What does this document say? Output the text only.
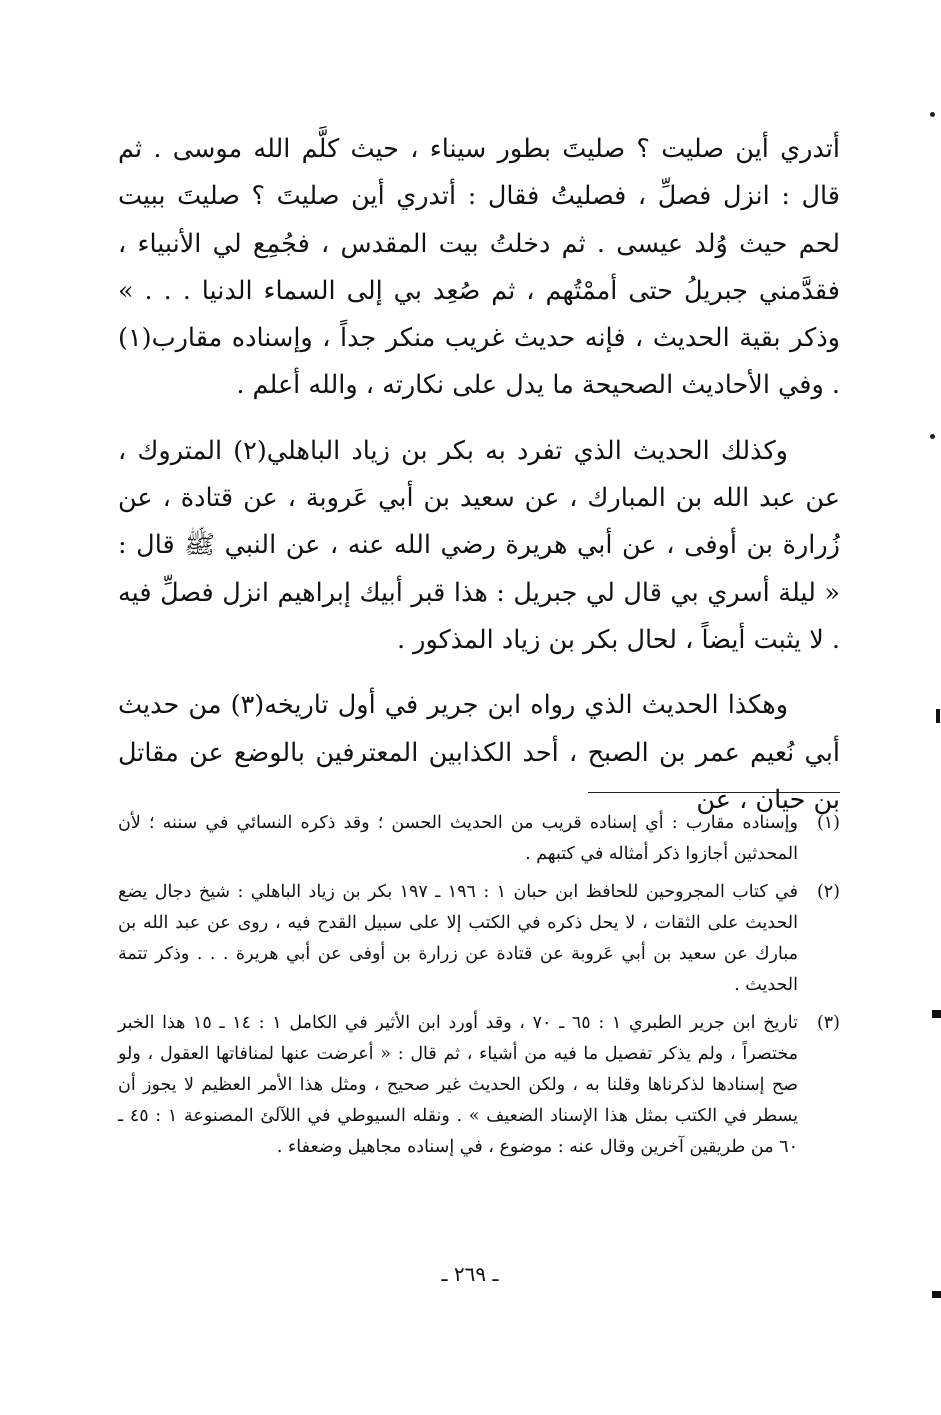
أتدري أين صليت ؟ صليتَ بطور سيناء ، حيث كلَّم الله موسى . ثم قال : انزل فصلِّ ، فصليتُ فقال : أتدري أين صليتَ ؟ صليتَ ببيت لحم حيث وُلد عيسى . ثم دخلتُ بيت المقدس ، فجُمِع لي الأنبياء ، فقدَّمني جبريلُ حتى أممْتُهم ، ثم صُعِد بي إلى السماء الدنيا . . . » وذكر بقية الحديث ، فإنه حديث غريب منكر جداً ، وإسناده مقارب(١) . وفي الأحاديث الصحيحة ما يدل على نكارته ، والله أعلم .

وكذلك الحديث الذي تفرد به بكر بن زياد الباهلي(٢) المتروك ، عن عبد الله بن المبارك ، عن سعيد بن أبي عَروبة ، عن قتادة ، عن زُرارة بن أوفى ، عن أبي هريرة رضي الله عنه ، عن النبي ﷺ قال : « ليلة أسري بي قال لي جبريل : هذا قبر أبيك إبراهيم انزل فصلِّ فيه . لا يثبت أيضاً ، لحال بكر بن زياد المذكور .

وهكذا الحديث الذي رواه ابن جرير في أول تاريخه(٣) من حديث أبي نُعيم عمر بن الصبح ، أحد الكذابين المعترفين بالوضع عن مقاتل بن حيان ، عن

(١)
وإسناده مقارب : أي إسناده قريب من الحديث الحسن ؛ وقد ذكره النسائي في سننه ؛ لأن المحدثين أجازوا ذكر أمثاله في كتبهم .
(٢)
في كتاب المجروحين للحافظ ابن حبان ١ : ١٩٦ ـ ١٩٧ بكر بن زياد الباهلي : شيخ دجال يضع الحديث على الثقات ، لا يحل ذكره في الكتب إلا على سبيل القدح فيه ، روى عن عبد الله بن مبارك عن سعيد بن أبي عَروبة عن قتادة عن زرارة بن أوفى عن أبي هريرة . . . وذكر تتمة الحديث .
(٣)
تاريخ ابن جرير الطبري ١ : ٦٥ ـ ٧٠ ، وقد أورد ابن الأثير في الكامل ١ : ١٤ ـ ١٥ هذا الخبر مختصراً ، ولم يذكر تفصيل ما فيه من أشياء ، ثم قال : « أعرضت عنها لمنافاتها العقول ، ولو صح إسنادها لذكرناها وقلنا به ، ولكن الحديث غير صحيح ، ومثل هذا الأمر العظيم لا يجوز أن يسطر في الكتب بمثل هذا الإسناد الضعيف » . ونقله السيوطي في اللآلئ المصنوعة ١ : ٤٥ ـ ٦٠ من طريقين آخرين وقال عنه : موضوع ، في إسناده مجاهيل وضعفاء .
ـ ٢٦٩ ـ
